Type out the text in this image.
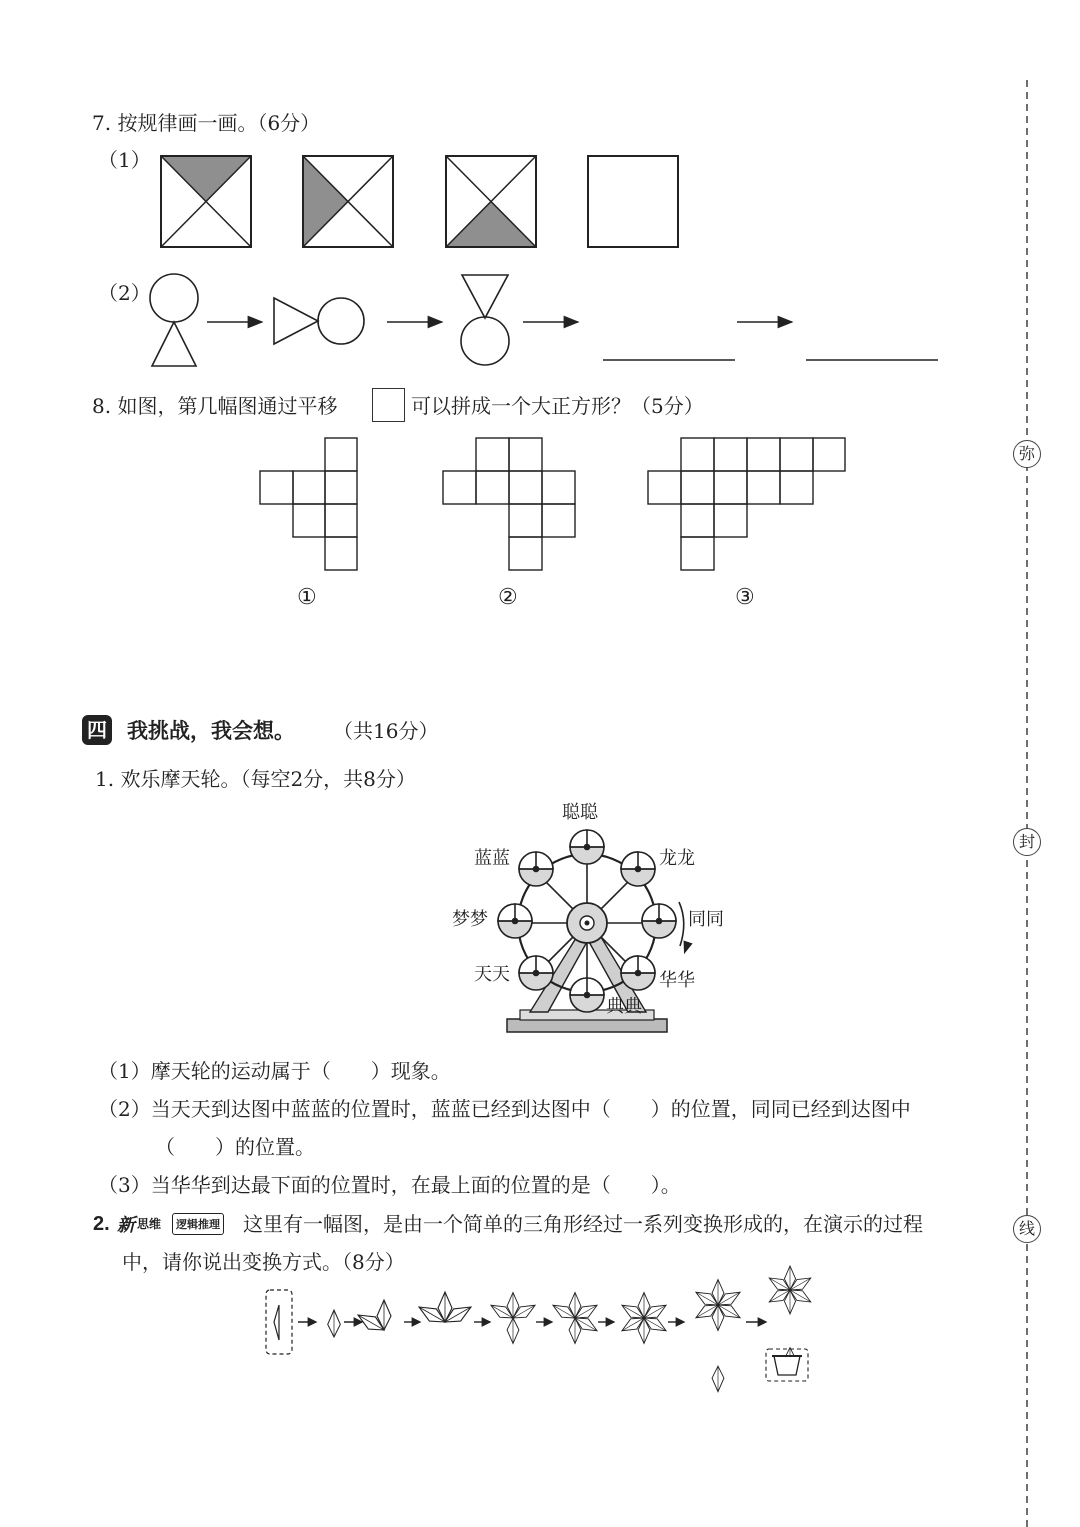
7. 按规律画一画。（6分）
（1）
（2）
8. 如图，第几幅图通过平移	可以拼成一个大正方形？（5分）
①	②	③
四 我挑战，我会想。 （共16分）
1. 欢乐摩天轮。（每空2分，共8分）
聪聪
蓝蓝	龙龙
梦梦	同同
天天	华华
典典
（1）摩天轮的运动属于（　　）现象。
（2）当天天到达图中蓝蓝的位置时，蓝蓝已经到达图中（　　）的位置，同同已经到达图中
（　　）的位置。
（3）当华华到达最下面的位置时，在最上面的位置的是（　　）。
2. 新 思维	逻辑推理 这里有一幅图，是由一个简单的三角形经过一系列变换形成的，在演示的过程
中，请你说出变换方式。（8分）
弥
封
线
